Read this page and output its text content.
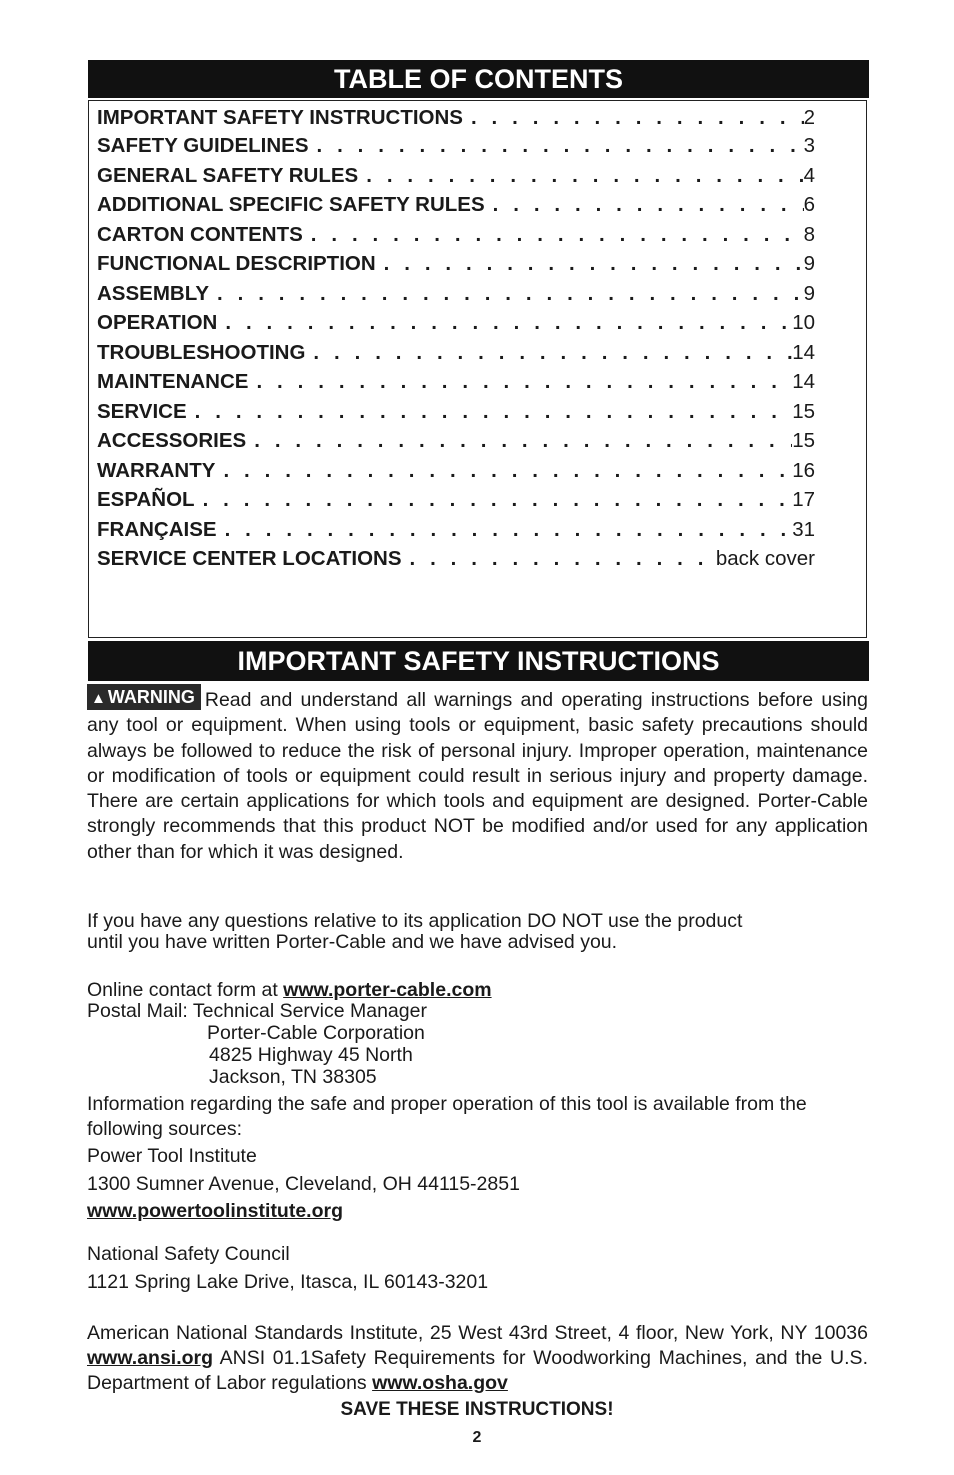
TABLE OF CONTENTS
IMPORTANT SAFETY INSTRUCTIONS . . .	2
SAFETY GUIDELINES . . .	3
GENERAL SAFETY RULES . . .	4
ADDITIONAL SPECIFIC SAFETY RULES . . .	6
CARTON CONTENTS . . .	8
FUNCTIONAL DESCRIPTION . . .	9
ASSEMBLY . . .	9
OPERATION . . .	10
TROUBLESHOOTING . . .	14
MAINTENANCE . . .	14
SERVICE . . .	15
ACCESSORIES . . .	15
WARRANTY . . .	16
ESPAÑOL . . .	17
FRANÇAISE . . .	31
SERVICE CENTER LOCATIONS . . .	back cover
IMPORTANT SAFETY INSTRUCTIONS
▲ WARNING Read and understand all warnings and operating instructions before using any tool or equipment. When using tools or equipment, basic safety precautions should always be followed to reduce the risk of personal injury. Improper operation, maintenance or modification of tools or equipment could result in serious injury and property damage. There are certain applications for which tools and equipment are designed. Porter-Cable strongly recommends that this product NOT be modified and/or used for any application other than for which it was designed.
If you have any questions relative to its application DO NOT use the product
until you have written Porter-Cable and we have advised you.
Online contact form at www.porter-cable.com
Postal Mail: Technical Service Manager
Porter-Cable Corporation
4825 Highway 45 North
Jackson, TN 38305
Information regarding the safe and proper operation of this tool is available from the following sources:
Power Tool Institute
1300 Sumner Avenue, Cleveland, OH 44115-2851
www.powertoolinstitute.org
National Safety Council
1121 Spring Lake Drive, Itasca, IL 60143-3201
American National Standards Institute, 25 West 43rd Street, 4 floor, New York, NY 10036 www.ansi.org ANSI 01.1Safety Requirements for Woodworking Machines, and the U.S. Department of Labor regulations www.osha.gov
SAVE THESE INSTRUCTIONS!
2
